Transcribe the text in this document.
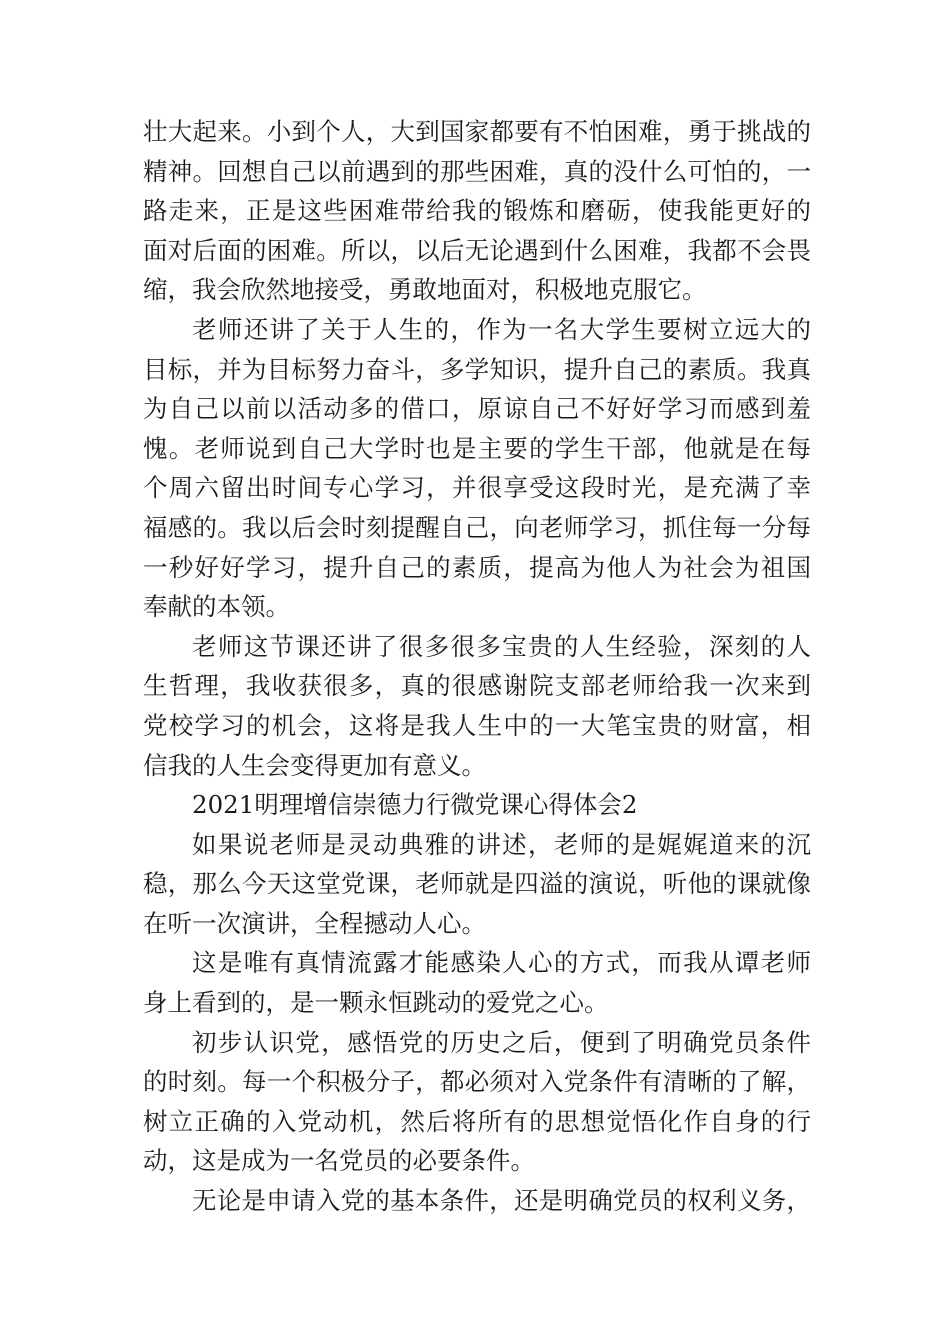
壮大起来。小到个人，大到国家都要有不怕困难，勇于挑战的
精神。回想自己以前遇到的那些困难，真的没什么可怕的，一
路走来，正是这些困难带给我的锻炼和磨砺，使我能更好的
面对后面的困难。所以，以后无论遇到什么困难，我都不会畏
缩，我会欣然地接受，勇敢地面对，积极地克服它。
老师还讲了关于人生的，作为一名大学生要树立远大的
目标，并为目标努力奋斗，多学知识，提升自己的素质。我真
为自己以前以活动多的借口，原谅自己不好好学习而感到羞
愧。老师说到自己大学时也是主要的学生干部，他就是在每
个周六留出时间专心学习，并很享受这段时光，是充满了幸
福感的。我以后会时刻提醒自己，向老师学习，抓住每一分每
一秒好好学习，提升自己的素质，提高为他人为社会为祖国
奉献的本领。
老师这节课还讲了很多很多宝贵的人生经验，深刻的人
生哲理，我收获很多，真的很感谢院支部老师给我一次来到
党校学习的机会，这将是我人生中的一大笔宝贵的财富，相
信我的人生会变得更加有意义。
2021明理增信崇德力行微党课心得体会2
如果说老师是灵动典雅的讲述，老师的是娓娓道来的沉
稳，那么今天这堂党课，老师就是四溢的演说，听他的课就像
在听一次演讲，全程撼动人心。
这是唯有真情流露才能感染人心的方式，而我从谭老师
身上看到的，是一颗永恒跳动的爱党之心。
初步认识党，感悟党的历史之后，便到了明确党员条件
的时刻。每一个积极分子，都必须对入党条件有清晰的了解，
树立正确的入党动机，然后将所有的思想觉悟化作自身的行
动，这是成为一名党员的必要条件。
无论是申请入党的基本条件，还是明确党员的权利义务，
